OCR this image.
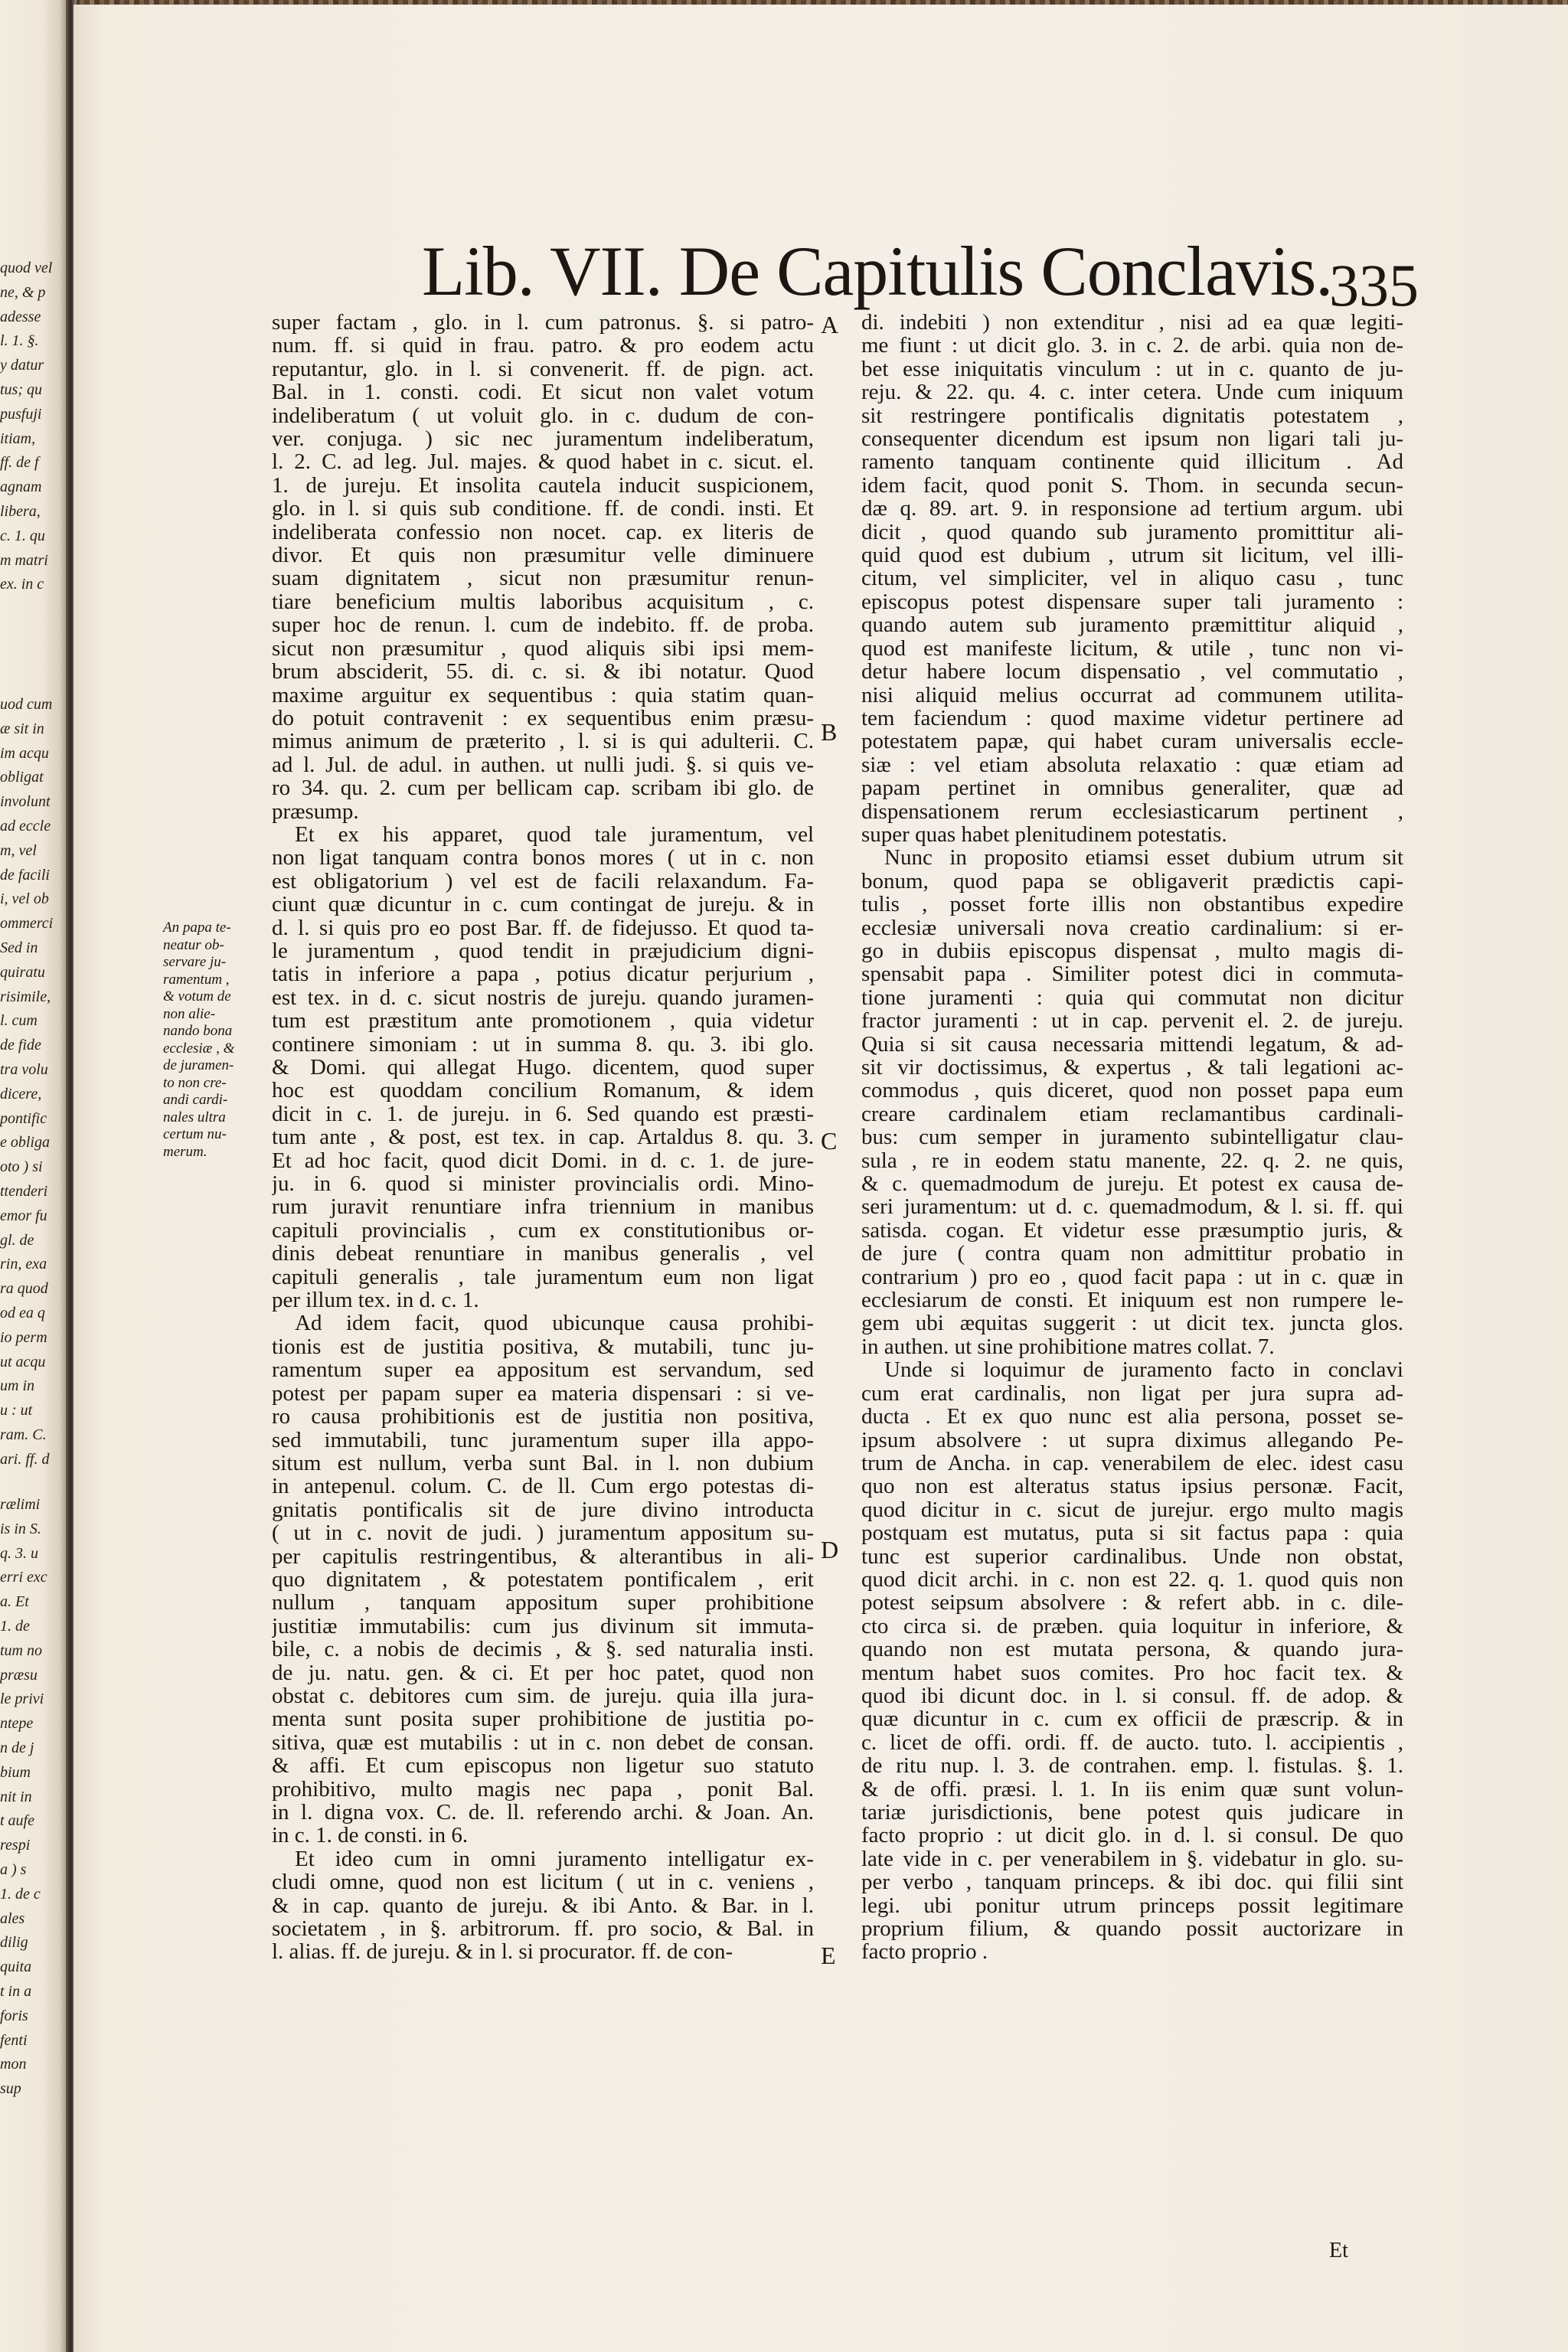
quod vel
ne, & p
adesse
l. 1. §.
y datur
tus; qu
pusfuji
itiam,
ff. de f
agnam
libera,
c. 1. qu
m matri
ex. in c
uod cum
æ sit in
im acqu
obligat
involunt
ad eccle
m, vel
de facili
i, vel ob
ommerci
Sed in
quiratu
risimile,
l. cum
de fide
tra volu
dicere,
pontific
e obliga
oto ) si
ttenderi
emor fu
gl. de
rin, exa
ra quod
od ea q
io perm
ut acqu
um in
u : ut
ram. C.
ari. ff. d
rælimi
is in S.
q. 3. u
erri exc
a. Et
1. de
tum no
præsu
le privi
ntepe
n de j
bium
nit in
t aufe
respi
a ) s
1. de c
ales
dilig
quita
t in a
foris
fenti
mon
sup
Lib. VII. De Capitulis Conclavis.
335
An papa te-
neatur ob-
servare ju-
ramentum ,
& votum de
non alie-
nando bona
ecclesiæ , &
de juramen-
to non cre-
andi cardi-
nales ultra
certum nu-
merum.
super factam , glo. in l. cum patronus. §. si patro-
num. ff. si quid in frau. patro. & pro eodem actu
reputantur, glo. in l. si convenerit. ff. de pign. act.
Bal. in 1. consti. codi. Et sicut non valet votum
indeliberatum ( ut voluit glo. in c. dudum de con-
ver. conjuga. ) sic nec juramentum indeliberatum,
l. 2. C. ad leg. Jul. majes. & quod habet in c. sicut. el.
1. de jureju. Et insolita cautela inducit suspicionem,
glo. in l. si quis sub conditione. ff. de condi. insti. Et
indeliberata confessio non nocet. cap. ex literis de
divor. Et quis non præsumitur velle diminuere
suam dignitatem , sicut non præsumitur renun-
tiare beneficium multis laboribus acquisitum , c.
super hoc de renun. l. cum de indebito. ff. de proba.
sicut non præsumitur , quod aliquis sibi ipsi mem-
brum absciderit, 55. di. c. si. & ibi notatur. Quod
maxime arguitur ex sequentibus : quia statim quan-
do potuit contravenit : ex sequentibus enim præsu-
mimus animum de præterito , l. si is qui adulterii. C.
ad l. Jul. de adul. in authen. ut nulli judi. §. si quis ve-
ro 34. qu. 2. cum per bellicam cap. scribam ibi glo. de
præsump.
Et ex his apparet, quod tale juramentum, vel
non ligat tanquam contra bonos mores ( ut in c. non
est obligatorium ) vel est de facili relaxandum. Fa-
ciunt quæ dicuntur in c. cum contingat de jureju. & in
d. l. si quis pro eo post Bar. ff. de fidejusso. Et quod ta-
le juramentum , quod tendit in præjudicium digni-
tatis in inferiore a papa , potius dicatur perjurium ,
est tex. in d. c. sicut nostris de jureju. quando juramen-
tum est præstitum ante promotionem , quia videtur
continere simoniam : ut in summa 8. qu. 3. ibi glo.
& Domi. qui allegat Hugo. dicentem, quod super
hoc est quoddam concilium Romanum, & idem
dicit in c. 1. de jureju. in 6. Sed quando est præsti-
tum ante , & post, est tex. in cap. Artaldus 8. qu. 3.
Et ad hoc facit, quod dicit Domi. in d. c. 1. de jure-
ju. in 6. quod si minister provincialis ordi. Mino-
rum juravit renuntiare infra triennium in manibus
capituli provincialis , cum ex constitutionibus or-
dinis debeat renuntiare in manibus generalis , vel
capituli generalis , tale juramentum eum non ligat
per illum tex. in d. c. 1.
Ad idem facit, quod ubicunque causa prohibi-
tionis est de justitia positiva, & mutabili, tunc ju-
ramentum super ea appositum est servandum, sed
potest per papam super ea materia dispensari : si ve-
ro causa prohibitionis est de justitia non positiva,
sed immutabili, tunc juramentum super illa appo-
situm est nullum, verba sunt Bal. in l. non dubium
in antepenul. colum. C. de ll. Cum ergo potestas di-
gnitatis pontificalis sit de jure divino introducta
( ut in c. novit de judi. ) juramentum appositum su-
per capitulis restringentibus, & alterantibus in ali-
quo dignitatem , & potestatem pontificalem , erit
nullum , tanquam appositum super prohibitione
justitiæ immutabilis: cum jus divinum sit immuta-
bile, c. a nobis de decimis , & §. sed naturalia insti.
de ju. natu. gen. & ci. Et per hoc patet, quod non
obstat c. debitores cum sim. de jureju. quia illa jura-
menta sunt posita super prohibitione de justitia po-
sitiva, quæ est mutabilis : ut in c. non debet de consan.
& affi. Et cum episcopus non ligetur suo statuto
prohibitivo, multo magis nec papa , ponit Bal.
in l. digna vox. C. de. ll. referendo archi. & Joan. An.
in c. 1. de consti. in 6.
Et ideo cum in omni juramento intelligatur ex-
cludi omne, quod non est licitum ( ut in c. veniens ,
& in cap. quanto de jureju. & ibi Anto. & Bar. in l.
societatem , in §. arbitrorum. ff. pro socio, & Bal. in
l. alias. ff. de jureju. & in l. si procurator. ff. de con-
A
B
C
D
E
di. indebiti ) non extenditur , nisi ad ea quæ legiti-
me fiunt : ut dicit glo. 3. in c. 2. de arbi. quia non de-
bet esse iniquitatis vinculum : ut in c. quanto de ju-
reju. & 22. qu. 4. c. inter cetera. Unde cum iniquum
sit restringere pontificalis dignitatis potestatem ,
consequenter dicendum est ipsum non ligari tali ju-
ramento tanquam continente quid illicitum . Ad
idem facit, quod ponit S. Thom. in secunda secun-
dæ q. 89. art. 9. in responsione ad tertium argum. ubi
dicit , quod quando sub juramento promittitur ali-
quid quod est dubium , utrum sit licitum, vel illi-
citum, vel simpliciter, vel in aliquo casu , tunc
episcopus potest dispensare super tali juramento :
quando autem sub juramento præmittitur aliquid ,
quod est manifeste licitum, & utile , tunc non vi-
detur habere locum dispensatio , vel commutatio ,
nisi aliquid melius occurrat ad communem utilita-
tem faciendum : quod maxime videtur pertinere ad
potestatem papæ, qui habet curam universalis eccle-
siæ : vel etiam absoluta relaxatio : quæ etiam ad
papam pertinet in omnibus generaliter, quæ ad
dispensationem rerum ecclesiasticarum pertinent ,
super quas habet plenitudinem potestatis.
Nunc in proposito etiamsi esset dubium utrum sit
bonum, quod papa se obligaverit prædictis capi-
tulis , posset forte illis non obstantibus expedire
ecclesiæ universali nova creatio cardinalium: si er-
go in dubiis episcopus dispensat , multo magis di-
spensabit papa . Similiter potest dici in commuta-
tione juramenti : quia qui commutat non dicitur
fractor juramenti : ut in cap. pervenit el. 2. de jureju.
Quia si sit causa necessaria mittendi legatum, & ad-
sit vir doctissimus, & expertus , & tali legationi ac-
commodus , quis diceret, quod non posset papa eum
creare cardinalem etiam reclamantibus cardinali-
bus: cum semper in juramento subintelligatur clau-
sula , re in eodem statu manente, 22. q. 2. ne quis,
& c. quemadmodum de jureju. Et potest ex causa de-
seri juramentum: ut d. c. quemadmodum, & l. si. ff. qui
satisda. cogan. Et videtur esse præsumptio juris, &
de jure ( contra quam non admittitur probatio in
contrarium ) pro eo , quod facit papa : ut in c. quæ in
ecclesiarum de consti. Et iniquum est non rumpere le-
gem ubi æquitas suggerit : ut dicit tex. juncta glos.
in authen. ut sine prohibitione matres collat. 7.
Unde si loquimur de juramento facto in conclavi
cum erat cardinalis, non ligat per jura supra ad-
ducta . Et ex quo nunc est alia persona, posset se-
ipsum absolvere : ut supra diximus allegando Pe-
trum de Ancha. in cap. venerabilem de elec. idest casu
quo non est alteratus status ipsius personæ. Facit,
quod dicitur in c. sicut de jurejur. ergo multo magis
postquam est mutatus, puta si sit factus papa : quia
tunc est superior cardinalibus. Unde non obstat,
quod dicit archi. in c. non est 22. q. 1. quod quis non
potest seipsum absolvere : & refert abb. in c. dile-
cto circa si. de præben. quia loquitur in inferiore, &
quando non est mutata persona, & quando jura-
mentum habet suos comites. Pro hoc facit tex. &
quod ibi dicunt doc. in l. si consul. ff. de adop. &
quæ dicuntur in c. cum ex officii de præscrip. & in
c. licet de offi. ordi. ff. de aucto. tuto. l. accipientis ,
de ritu nup. l. 3. de contrahen. emp. l. fistulas. §. 1.
& de offi. præsi. l. 1. In iis enim quæ sunt volun-
tariæ jurisdictionis, bene potest quis judicare in
facto proprio : ut dicit glo. in d. l. si consul. De quo
late vide in c. per venerabilem in §. videbatur in glo. su-
per verbo , tanquam princeps. & ibi doc. qui filii sint
legi. ubi ponitur utrum princeps possit legitimare
proprium filium, & quando possit auctorizare in
facto proprio .
Et
